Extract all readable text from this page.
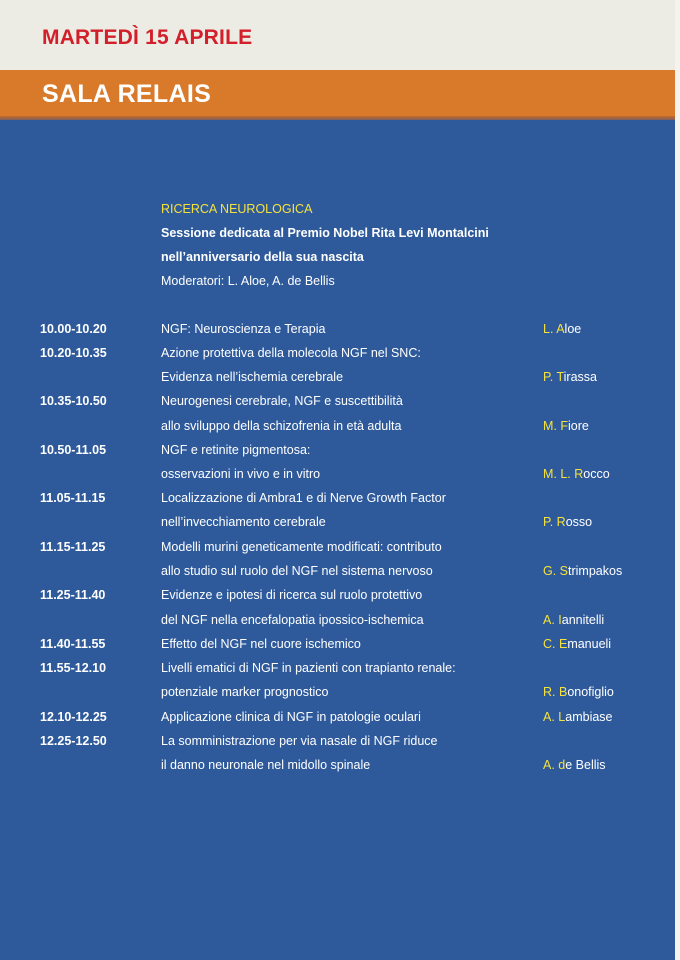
MARTEDÌ 15 APRILE
SALA RELAIS
RICERCA NEUROLOGICA
Sessione dedicata al Premio Nobel Rita Levi Montalcini
nell’anniversario della sua nascita
Moderatori: L. Aloe, A. de Bellis
10.00-10.20	NGF: Neuroscienza e Terapia	L. Aloe
10.20-10.35	Azione protettiva della molecola NGF nel SNC:
Evidenza nell’ischemia cerebrale	P. Tirassa
10.35-10.50	Neurogenesi cerebrale, NGF e suscettibilità
allo sviluppo della schizofrenia in età adulta	M. Fiore
10.50-11.05	NGF e retinite pigmentosa:
osservazioni in vivo e in vitro	M. L. Rocco
11.05-11.15	Localizzazione di Ambra1 e di Nerve Growth Factor
nell’invecchiamento cerebrale	P. Rosso
11.15-11.25	Modelli murini geneticamente modificati: contributo
allo studio sul ruolo del NGF nel sistema nervoso	G. Strimpakos
11.25-11.40	Evidenze e ipotesi di ricerca sul ruolo protettivo
del NGF nella encefalopatia ipossico-ischemica	A. Iannitelli
11.40-11.55	Effetto del NGF nel cuore ischemico	C. Emanueli
11.55-12.10	Livelli ematici di NGF in pazienti con trapianto renale:
potenziale marker prognostico	R. Bonofiglio
12.10-12.25	Applicazione clinica di NGF in patologie oculari	A. Lambiase
12.25-12.50	La somministrazione per via nasale di NGF riduce
il danno neuronale nel midollo spinale	A. de Bellis
